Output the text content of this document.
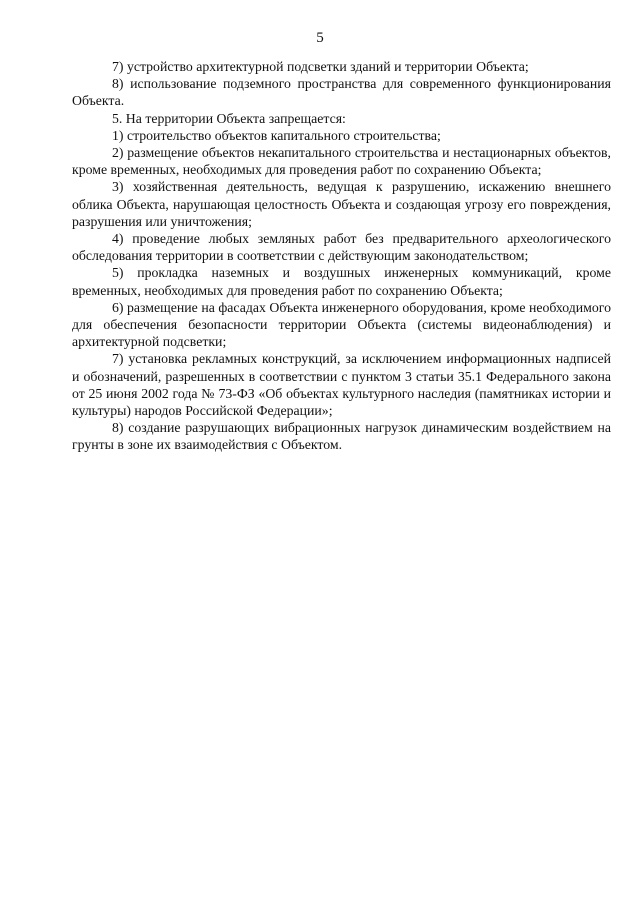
5

7) устройство архитектурной подсветки зданий и территории Объекта;

8) использование подземного пространства для современного функционирования Объекта.

5. На территории Объекта запрещается:

1) строительство объектов капитального строительства;

2) размещение объектов некапитального строительства и нестационарных объектов, кроме временных, необходимых для проведения работ по сохранению Объекта;

3) хозяйственная деятельность, ведущая к разрушению, искажению внешнего облика Объекта, нарушающая целостность Объекта и создающая угрозу его повреждения, разрушения или уничтожения;

4) проведение любых земляных работ без предварительного археологического обследования территории в соответствии с действующим законодательством;

5) прокладка наземных и воздушных инженерных коммуникаций, кроме временных, необходимых для проведения работ по сохранению Объекта;

6) размещение на фасадах Объекта инженерного оборудования, кроме необходимого для обеспечения безопасности территории Объекта (системы видеонаблюдения) и архитектурной подсветки;

7) установка рекламных конструкций, за исключением информационных надписей и обозначений, разрешенных в соответствии с пунктом 3 статьи 35.1 Федерального закона от 25 июня 2002 года № 73-ФЗ «Об объектах культурного наследия (памятниках истории и культуры) народов Российской Федерации»;

8) создание разрушающих вибрационных нагрузок динамическим воздействием на грунты в зоне их взаимодействия с Объектом.
